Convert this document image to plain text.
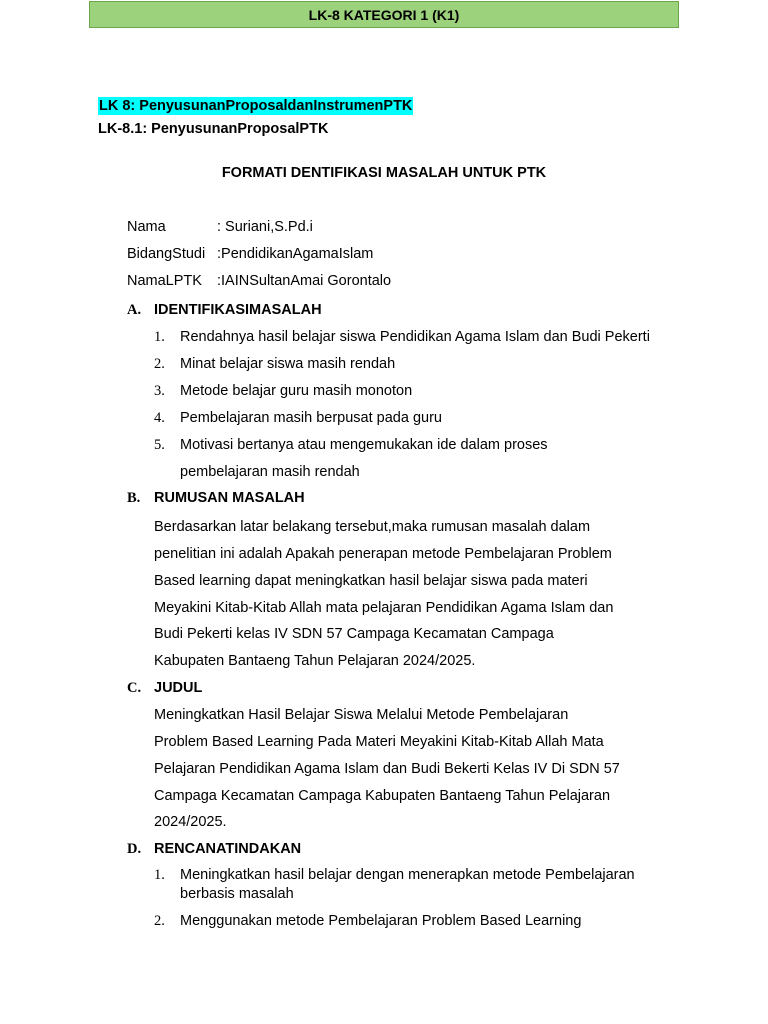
LK-8 KATEGORI 1 (K1)
LK 8: PenyusunanProposaldanInstrumenPTK
LK-8.1: PenyusunanProposalPTK
FORMATI DENTIFIKASI MASALAH UNTUK PTK
Nama	: Suriani,S.Pd.i
BidangStudi :PendidikanAgamaIslam
NamaLPTK :IAINSultanAmai Gorontalo
A. IDENTIFIKASIMASALAH
1. Rendahnya hasil belajar siswa Pendidikan Agama Islam dan Budi Pekerti
2. Minat belajar siswa masih rendah
3. Metode belajar guru masih monoton
4. Pembelajaran masih berpusat pada guru
5. Motivasi bertanya atau mengemukakan ide dalam proses
pembelajaran masih rendah
B. RUMUSAN MASALAH
Berdasarkan latar belakang tersebut,maka rumusan masalah dalam
penelitian ini adalah Apakah penerapan metode Pembelajaran Problem
Based learning dapat meningkatkan hasil belajar siswa pada materi
Meyakini Kitab-Kitab Allah mata pelajaran Pendidikan Agama Islam dan
Budi Pekerti kelas IV SDN 57 Campaga Kecamatan Campaga
Kabupaten Bantaeng Tahun Pelajaran 2024/2025.
C. JUDUL
Meningkatkan Hasil Belajar Siswa Melalui Metode Pembelajaran
Problem Based Learning Pada Materi Meyakini Kitab-Kitab Allah Mata
Pelajaran Pendidikan Agama Islam dan Budi Bekerti Kelas IV Di SDN 57
Campaga Kecamatan Campaga Kabupaten Bantaeng Tahun Pelajaran
2024/2025.
D. RENCANATINDAKAN
1. Meningkatkan hasil belajar dengan menerapkan metode Pembelajaran
berbasis masalah
2. Menggunakan metode Pembelajaran Problem Based Learning
